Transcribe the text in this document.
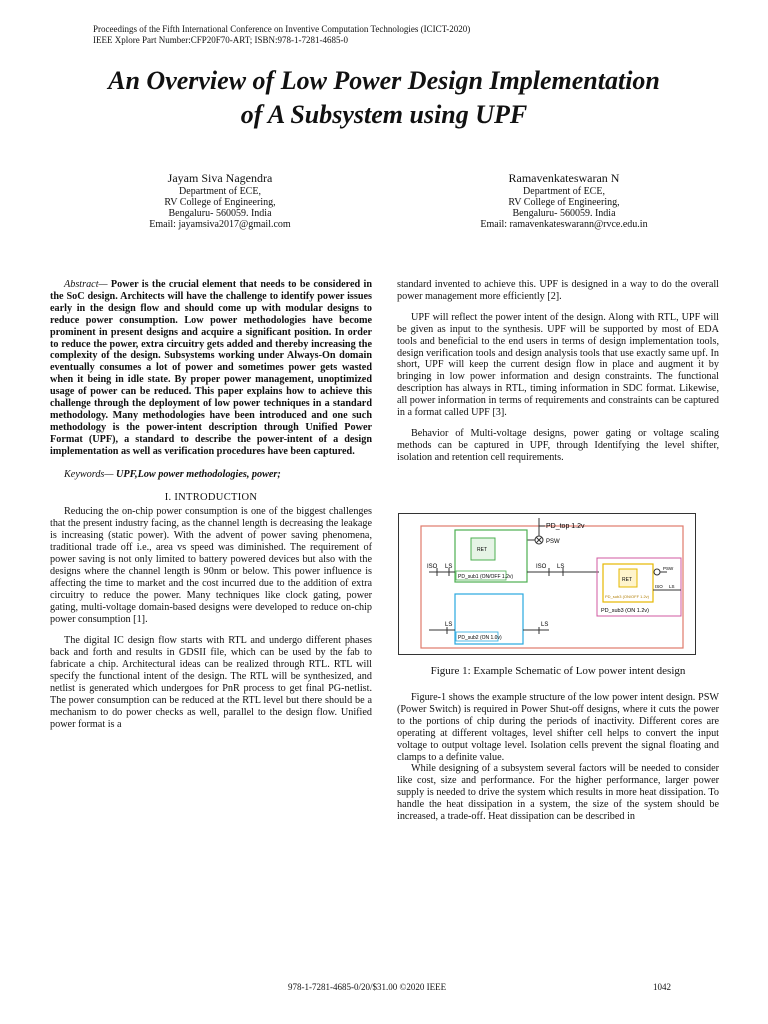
Proceedings of the Fifth International Conference on Inventive Computation Technologies (ICICT-2020)
IEEE Xplore Part Number:CFP20F70-ART; ISBN:978-1-7281-4685-0
An Overview of Low Power Design Implementation
of A Subsystem using UPF
Jayam Siva Nagendra
Department of ECE,
RV College of Engineering,
Bengaluru- 560059. India
Email: jayamsiva2017@gmail.com
Ramavenkateswaran N
Department of ECE,
RV College of Engineering,
Bengaluru- 560059. India
Email: ramavenkateswarann@rvce.edu.in

Abstract— Power is the crucial element that needs to be considered in the SoC design. Architects will have the challenge to identify power issues early in the design flow and should come up with modular designs to reduce power consumption. Low power methodologies have become prominent in present designs and acquire a significant position. In order to reduce the power, extra circuitry gets added and thereby increasing the complexity of the design. Subsystems working under Always-On domain eventually consumes a lot of power and sometimes power gets wasted when it being in idle state. By proper power management, unoptimized usage of power can be reduced. This paper explains how to achieve this challenge through the deployment of low power techniques in a standard methodology. Many methodologies have been introduced and one such methodology is the power-intent description through Unified Power Format (UPF), a standard to describe the power-intent of a design implementation as well as verification procedures have been captured.

Keywords— UPF,Low power methodologies, power;

I. INTRODUCTION

Reducing the on-chip power consumption is one of the biggest challenges that the present industry facing, as the channel length is decreasing the leakage is increasing (static power). With the advent of power saving phenomena, traditional trade off i.e., area vs speed was diminished. The requirement of power saving is not only limited to battery powered devices but also with the designs where the channel length is 90nm or below. This power influence is affecting the time to market and the cost incurred due to the addition of extra circuitry to reduce the power. Many techniques like clock gating, power gating, multi-voltage domain-based designs were developed to reduce on-chip power consumption [1].

The digital IC design flow starts with RTL and undergo different phases back and forth and results in GDSII file, which can be used by the fab to fabricate a chip. Architectural ideas can be realized through RTL. RTL will specify the functional intent of the design. The RTL will be synthesized, and netlist is generated which undergoes for PnR process to get final PG-netlist. The power consumption can be reduced at the RTL level but there should be a mechanism to do power checks as well, parallel to the design flow. Unified power format is a

standard invented to achieve this. UPF is designed in a way to do the overall power management more efficiently [2].

UPF will reflect the power intent of the design. Along with RTL, UPF will be given as input to the synthesis. UPF will be supported by most of EDA tools and beneficial to the end users in terms of design implementation tools, design verification tools and design analysis tools that use exactly same upf. In short, UPF will keep the current design flow in place and augment it by bringing in low power information and design constraints. The functional description has always in RTL, timing information in SDC format. Likewise, all power information in terms of requirements and constraints can be captured in a format called UPF [3].

Behavior of Multi-voltage designs, power gating or voltage scaling methods can be captured in UPF, through Identifying the level shifter, isolation and retention cell requirements.

PD_top 1.2v
PSW
RET
PD_sub1 (ON/OFF 1.2v)
ISO LS	ISO LS
RET
PD_sub3 (ON/OFF 1.2v)
PD_sub3 (ON 1.2v)
PSW
ISO LS
PD_sub2 (ON 1.0v)
LS	LS
Figure 1: Example Schematic of Low power intent design

Figure-1 shows the example structure of the low power intent design. PSW (Power Switch) is required in Power Shut-off designs, where it cuts the power to the portions of chip during the periods of inactivity. Different cores are operating at different voltages, level shifter cell helps to convert the input voltage to output voltage level. Isolation cells prevent the signal floating and clamps to a definite value.

While designing of a subsystem several factors will be needed to consider like cost, size and performance. For the higher performance, larger power supply is needed to drive the system which results in more heat dissipation. To handle the heat dissipation in a system, the size of the system should be increased, a trade-off. Heat dissipation can be described in

978-1-7281-4685-0/20/$31.00 ©2020 IEEE	1042
